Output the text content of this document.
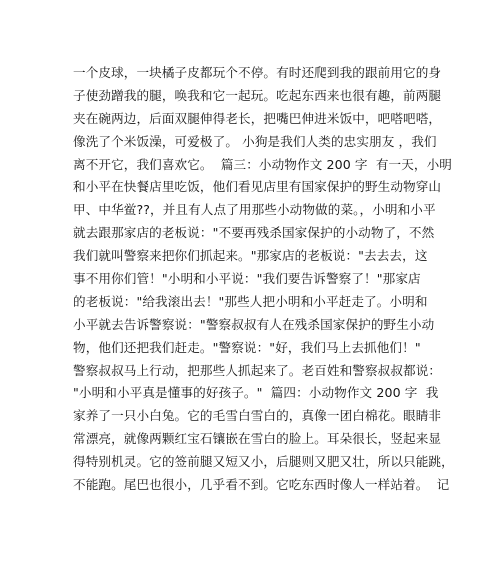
一个皮球，一块橘子皮都玩个不停。有时还爬到我的跟前用它的身
子使劲蹭我的腿，唤我和它一起玩。吃起东西来也很有趣，前两腿
夹在碗两边，后面双腿伸得老长，把嘴巴伸进米饭中，吧嗒吧嗒，
像洗了个米饭澡，可爱极了。 小狗是我们人类的忠实朋友 ，我们
离不开它，我们喜欢它。  篇三：小动物作文 200 字  有一天，小明
和小平在快餐店里吃饭，他们看见店里有国家保护的野生动物穿山
甲、中华鲎??，并且有人点了用那些小动物做的菜。，小明和小平
就去跟那家店的老板说："不要再残杀国家保护的小动物了，不然
我们就叫警察来把你们抓起来。"那家店的老板说："去去去，这
事不用你们管！"小明和小平说："我们要告诉警察了！"那家店
的老板说："给我滚出去！"那些人把小明和小平赶走了。小明和
小平就去告诉警察说："警察叔叔有人在残杀国家保护的野生小动
物，他们还把我们赶走。"警察说："好，我们马上去抓他们！"
警察叔叔马上行动，把那些人抓起来了。老百姓和警察叔叔都说：
"小明和小平真是懂事的好孩子。"  篇四：小动物作文 200 字  我
家养了一只小白兔。它的毛雪白雪白的，真像一团白棉花。眼睛非
常漂亮，就像两颗红宝石镶嵌在雪白的脸上。耳朵很长，竖起来显
得特别机灵。它的签前腿又短又小，后腿则又肥又壮，所以只能跳，
不能跑。尾巴也很小，几乎看不到。它吃东西时像人一样站着。  记
